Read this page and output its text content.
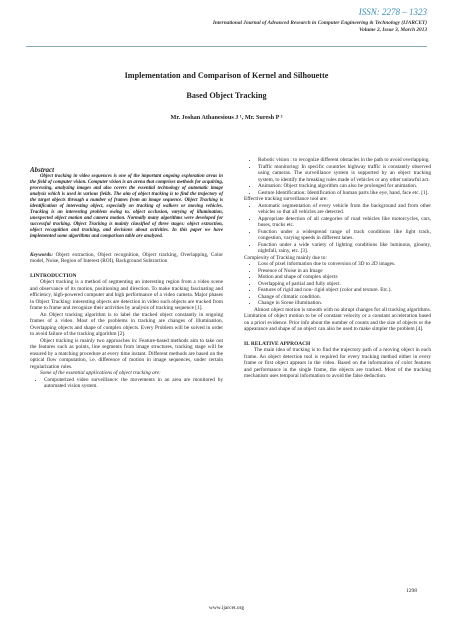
ISSN: 2278 – 1323
International Journal of Advanced Research in Computer Engineering & Technology (IJARCET)
Volume 2, Issue 3, March 2013
Implementation and Comparison of Kernel and Silhouette
Based Object Tracking
Mr. Joshan Athanesious J ¹, Mr. Suresh P ²
Abstract

Object tracking in video sequences is one of the important ongoing exploration areas in the field of computer vision. Computer vision is an arena that comprises methods for acquiring, processing, analyzing images and also covers the essential technology of automatic image analysis which is used in various fields. The aim of object tracking is to find the trajectory of the target objects through a number of frames from an image sequence. Object Tracking is identification of interesting object, especially on tracking of walkers or moving vehicles. Tracking is an interesting problem owing to, object occlusion, varying of illumination, unexpected object motion and camera motion. Normally many algorithms were developed for successful tracking. Object Tracking is mainly classified of three stages: object extraction, object recognition and tracking, and decisions about activities. In this paper we have implemented some algorithms and comparison table are analyzed.

Keywords: Object extraction, Object recognition, Object tracking, Overlapping, Color model, Noise, Region of Interest (ROI), Background Subtraction

I.INTRODUCTION

Object tracking is a method of segmenting an interesting region from a video scene and observance of its motion, positioning and direction. To make tracking fascinating and efficiency, high-powered computer and high performance of a video camera. Major phases in Object Tracking: interesting objects are detection in video such objects are tracked from frame to frame and recognize their activities by analysis of tracking sequence [1].

An Object tracking algorithm is to label the tracked object constantly in ongoing frames of a video. Most of the problems in tracking are changes of illumination, Overlapping objects and shape of complex objects. Every Problem will be solved in order to avoid failure of the tracking algorithm [2].

Object tracking is mainly two approaches in: Feature-based methods aim to take out the features such as points, line segments from image structures, tracking stage will be ensured by a matching procedure at every time instant. Different methods are based on the optical flow computation, i.e. difference of motion in image sequences, under certain regularization rules.

Some of the essential applications of object tracking are:

• Computerized video surveillance: the movements in an area are monitored by automated vision system.
• Robotic vision : to recognize different obstacles in the path to avoid overlapping.
• Traffic monitoring: In specific countries highway traffic is constantly observed using cameras. The surveillance system is supported by an object tracking system, to identify the breaking rules made of vehicles or any other unlawful act.
• Animation: Object tracking algorithm can also be prolonged for animation.
• Gesture Identification: Identification of human parts like eye, hand, face etc. [1].
Effective tracking surveillance tool are:
• Automatic segmentation of every vehicle from the background and from other vehicles so that all vehicles are detected.
• Appropriate detection of all categories of road vehicles like motorcycles, cars, buses, trucks etc.
• Function under a widespread range of track conditions like light track, congestion, varying speeds in different lanes.
• Function under a wide variety of lighting conditions like luminous, gloomy, nightfall, rainy, etc. [3].
Complexity of Tracking mainly due to:
• Loss of pixel information due to conversion of 3D to 2D images.
• Presence of Noise in an Image
• Motion and shape of complex objects
• Overlapping of partial and fully object.
• Features of rigid and non- rigid object (color and texture. Etc.).
• Change of climatic condition.
• Change in Scene illumination.

Almost object motion is smooth with no abrupt changes for all tracking algorithms. Limitation of object motion to be of constant velocity or a constant acceleration based on a priori evidence. Prior info about the number of counts and the size of objects or the appearance and shape of an object can also be used to make simpler the problem [4].

II. RELATIVE APPROACH

The main idea of tracking is to find the trajectory path of a moving object in each frame. An object detection tool is required for every tracking method either in every frame or first object appears in the video. Based on the information of color features and performance in the single frame, the objects are tracked. Most of the tracking mechanism uses temporal information to avoid the false deduction.

1298
www.ijarcet.org
